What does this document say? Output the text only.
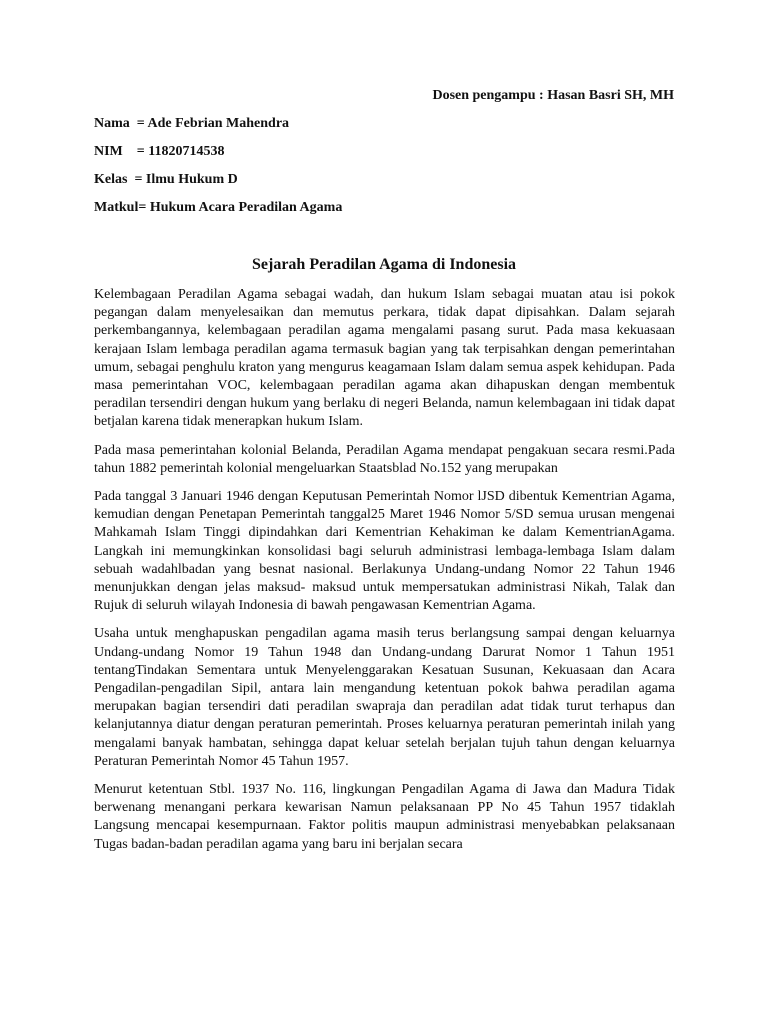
Dosen pengampu : Hasan Basri SH, MH
Nama  = Ade Febrian Mahendra
NIM    = 11820714538
Kelas  = Ilmu Hukum D
Matkul= Hukum Acara Peradilan Agama
Sejarah Peradilan Agama di Indonesia

Kelembagaan Peradilan Agama sebagai wadah, dan hukum Islam sebagai muatan atau isi pokok pegangan dalam menyelesaikan dan memutus perkara, tidak dapat dipisahkan. Dalam sejarah perkembangannya, kelembagaan peradilan agama mengalami pasang surut. Pada masa kekuasaan kerajaan Islam lembaga peradilan agama termasuk bagian yang tak terpisahkan dengan pemerintahan umum, sebagai penghulu kraton yang mengurus keagamaan Islam dalam semua aspek kehidupan. Pada masa pemerintahan VOC, kelembagaan peradilan agama akan dihapuskan dengan membentuk peradilan tersendiri dengan hukum yang berlaku di negeri Belanda, namun kelembagaan ini tidak dapat betjalan karena tidak menerapkan hukum Islam.

Pada masa pemerintahan kolonial Belanda, Peradilan Agama mendapat pengakuan secara resmi.Pada tahun 1882 pemerintah kolonial mengeluarkan Staatsblad No.152 yang merupakan

Pada tanggal 3 Januari 1946 dengan Keputusan Pemerintah Nomor lJSD dibentuk Kementrian Agama, kemudian dengan Penetapan Pemerintah tanggal25 Maret 1946 Nomor 5/SD semua urusan mengenai Mahkamah Islam Tinggi dipindahkan dari Kementrian Kehakiman ke dalam KementrianAgama. Langkah ini memungkinkan konsolidasi bagi seluruh administrasi lembaga-lembaga Islam dalam sebuah wadahlbadan yang besnat nasional. Berlakunya Undang-undang Nomor 22 Tahun 1946 menunjukkan dengan jelas maksud- maksud untuk mempersatukan administrasi Nikah, Talak dan Rujuk di seluruh wilayah Indonesia di bawah pengawasan Kementrian Agama.

Usaha untuk menghapuskan pengadilan agama masih terus berlangsung sampai dengan keluarnya Undang-undang Nomor 19 Tahun 1948 dan Undang-undang Darurat Nomor 1 Tahun 1951 tentangTindakan Sementara untuk Menyelenggarakan Kesatuan Susunan, Kekuasaan dan Acara Pengadilan-pengadilan Sipil, antara lain mengandung ketentuan pokok bahwa peradilan agama merupakan bagian tersendiri dati peradilan swapraja dan peradilan adat tidak turut terhapus dan kelanjutannya diatur dengan peraturan pemerintah. Proses keluarnya peraturan pemerintah inilah yang mengalami banyak hambatan, sehingga dapat keluar setelah berjalan tujuh tahun dengan keluarnya Peraturan Pemerintah Nomor 45 Tahun 1957.

Menurut ketentuan Stbl. 1937 No. 116, lingkungan Pengadilan Agama di Jawa dan Madura Tidak berwenang menangani perkara kewarisan Namun pelaksanaan PP No 45 Tahun 1957 tidaklah Langsung mencapai kesempurnaan. Faktor politis maupun administrasi menyebabkan pelaksanaan Tugas badan-badan peradilan agama yang baru ini berjalan secara
